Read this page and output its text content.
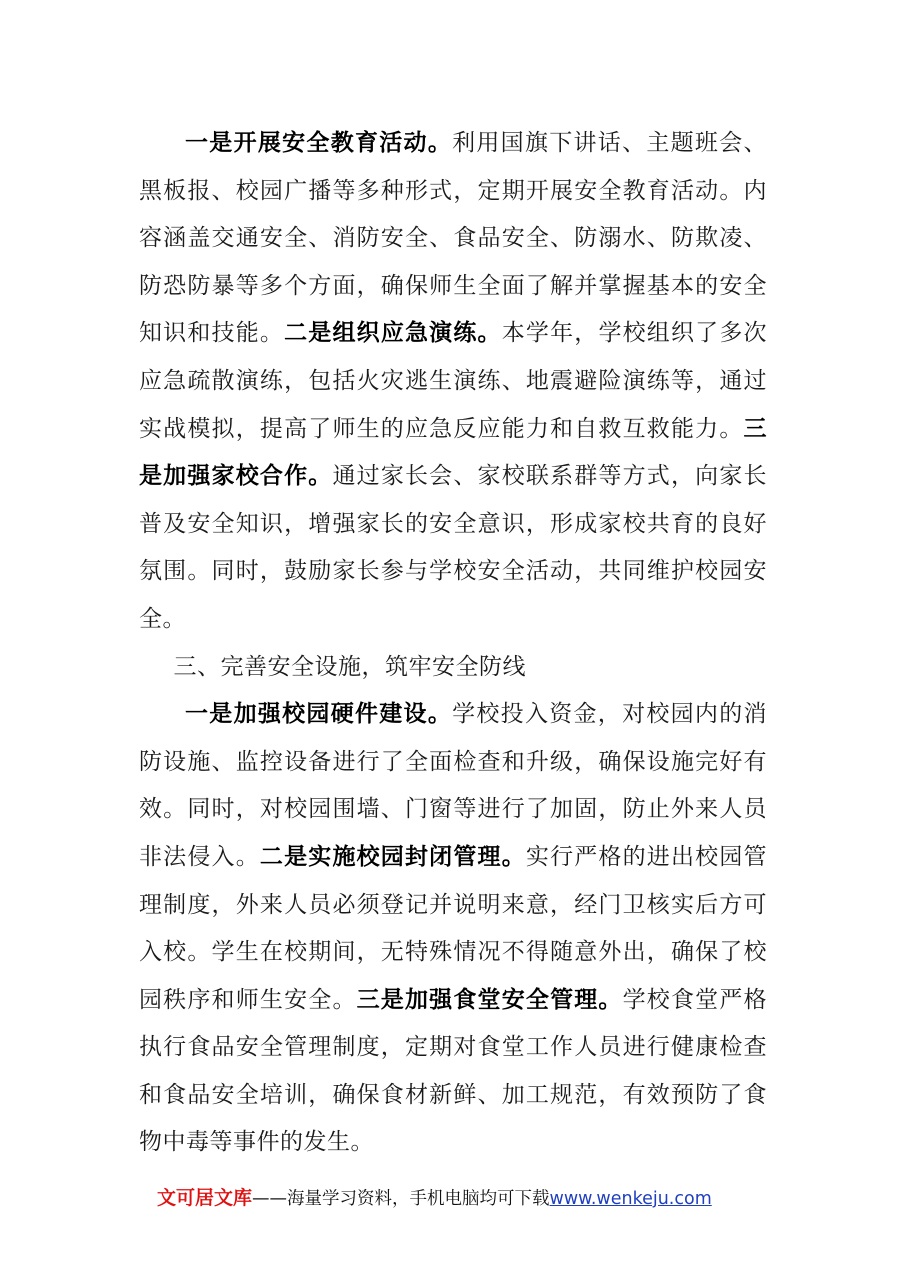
一是开展安全教育活动。利用国旗下讲话、主题班会、黑板报、校园广播等多种形式，定期开展安全教育活动。内容涵盖交通安全、消防安全、食品安全、防溺水、防欺凌、防恐防暴等多个方面，确保师生全面了解并掌握基本的安全知识和技能。二是组织应急演练。本学年，学校组织了多次应急疏散演练，包括火灾逃生演练、地震避险演练等，通过实战模拟，提高了师生的应急反应能力和自救互救能力。三是加强家校合作。通过家长会、家校联系群等方式，向家长普及安全知识，增强家长的安全意识，形成家校共育的良好氛围。同时，鼓励家长参与学校安全活动，共同维护校园安全。

三、完善安全设施，筑牢安全防线

一是加强校园硬件建设。学校投入资金，对校园内的消防设施、监控设备进行了全面检查和升级，确保设施完好有效。同时，对校园围墙、门窗等进行了加固，防止外来人员非法侵入。二是实施校园封闭管理。实行严格的进出校园管理制度，外来人员必须登记并说明来意，经门卫核实后方可入校。学生在校期间，无特殊情况不得随意外出，确保了校园秩序和师生安全。三是加强食堂安全管理。学校食堂严格执行食品安全管理制度，定期对食堂工作人员进行健康检查和食品安全培训，确保食材新鲜、加工规范，有效预防了食物中毒等事件的发生。

文可居文库——海量学习资料，手机电脑均可下载www.wenkeju.com
